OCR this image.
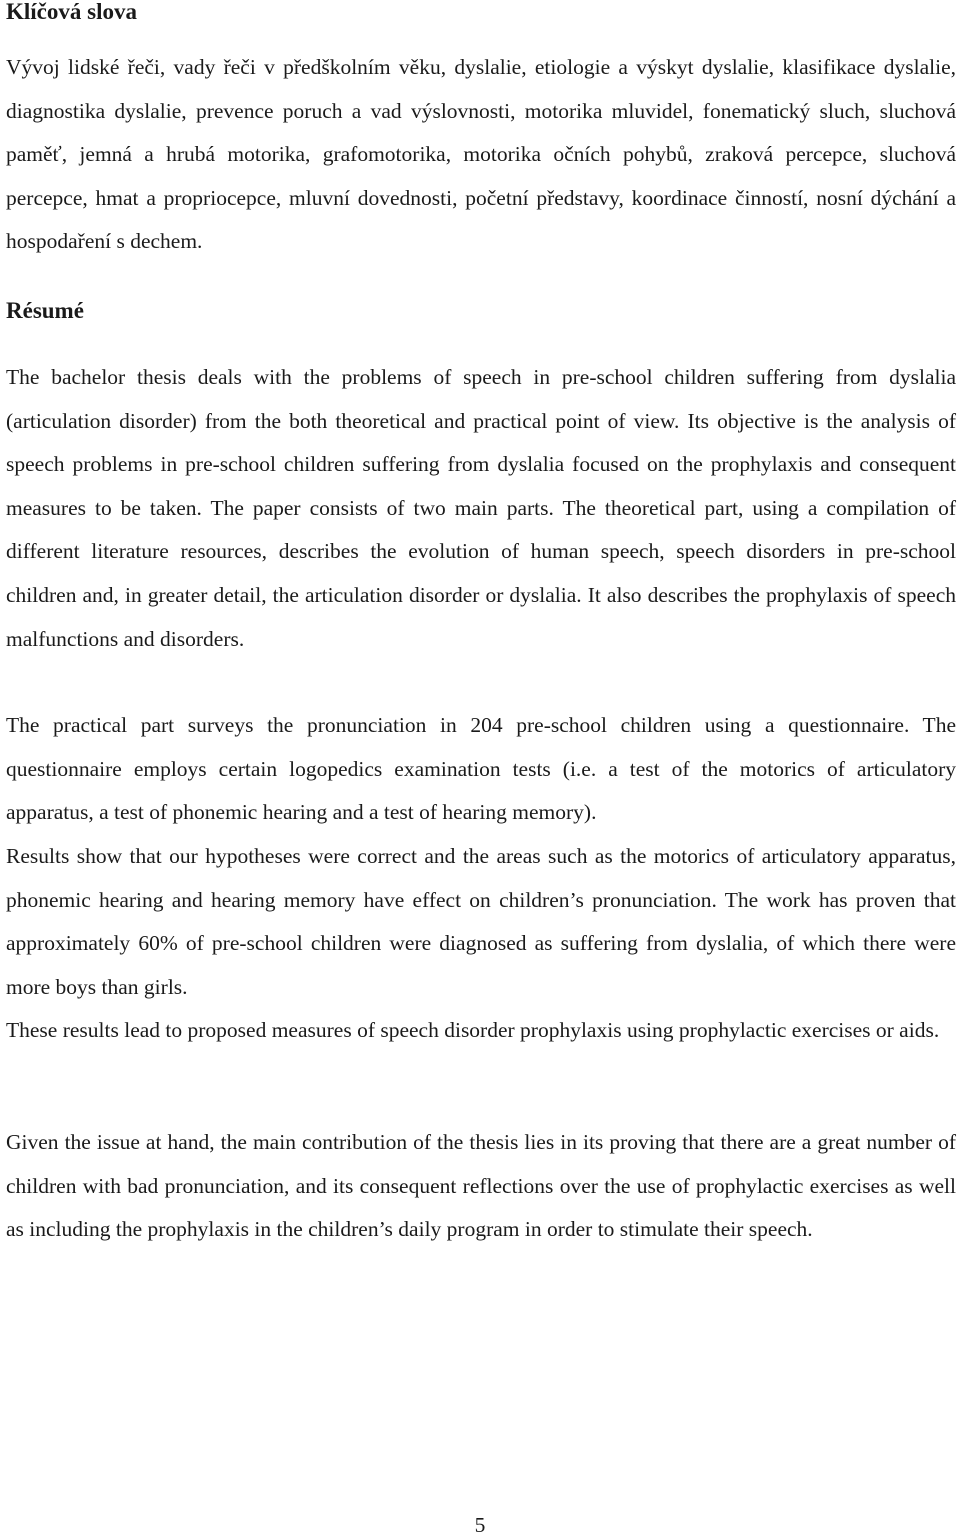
Klíčová slova

Vývoj lidské řeči, vady řeči v předškolním věku, dyslalie, etiologie a výskyt dyslalie, klasifikace dyslalie, diagnostika dyslalie, prevence poruch a vad výslovnosti, motorika mluvidel, fonematický sluch, sluchová paměť, jemná a hrubá motorika, grafomotorika, motorika očních pohybů, zraková percepce, sluchová percepce, hmat a propriocepce, mluvní dovednosti, početní představy, koordinace činností, nosní dýchání a hospodaření s dechem.

Résumé

The bachelor thesis deals with the problems of speech in pre-school children suffering from dyslalia (articulation disorder) from the both theoretical and practical point of view. Its objective is the analysis of speech problems in pre-school children suffering from dyslalia focused on the prophylaxis and consequent measures to be taken. The paper consists of two main parts. The theoretical part, using a compilation of different literature resources, describes the evolution of human speech, speech disorders in pre-school children and, in greater detail, the articulation disorder or dyslalia. It also describes the prophylaxis of speech malfunctions and disorders.

The practical part surveys the pronunciation in 204 pre-school children using a questionnaire. The questionnaire employs certain logopedics examination tests (i.e. a test of the motorics of articulatory apparatus, a test of phonemic hearing and a test of hearing memory).

Results show that our hypotheses were correct and the areas such as the motorics of articulatory apparatus, phonemic hearing and hearing memory have effect on children’s pronunciation. The work has proven that approximately 60% of pre-school children were diagnosed as suffering from dyslalia, of which there were more boys than girls.

These results lead to proposed measures of speech disorder prophylaxis using prophylactic exercises or aids.

Given the issue at hand, the main contribution of the thesis lies in its proving that there are a great number of children with bad pronunciation, and its consequent reflections over the use of prophylactic exercises as well as including the prophylaxis in the children’s daily program in order to stimulate their speech.

5
